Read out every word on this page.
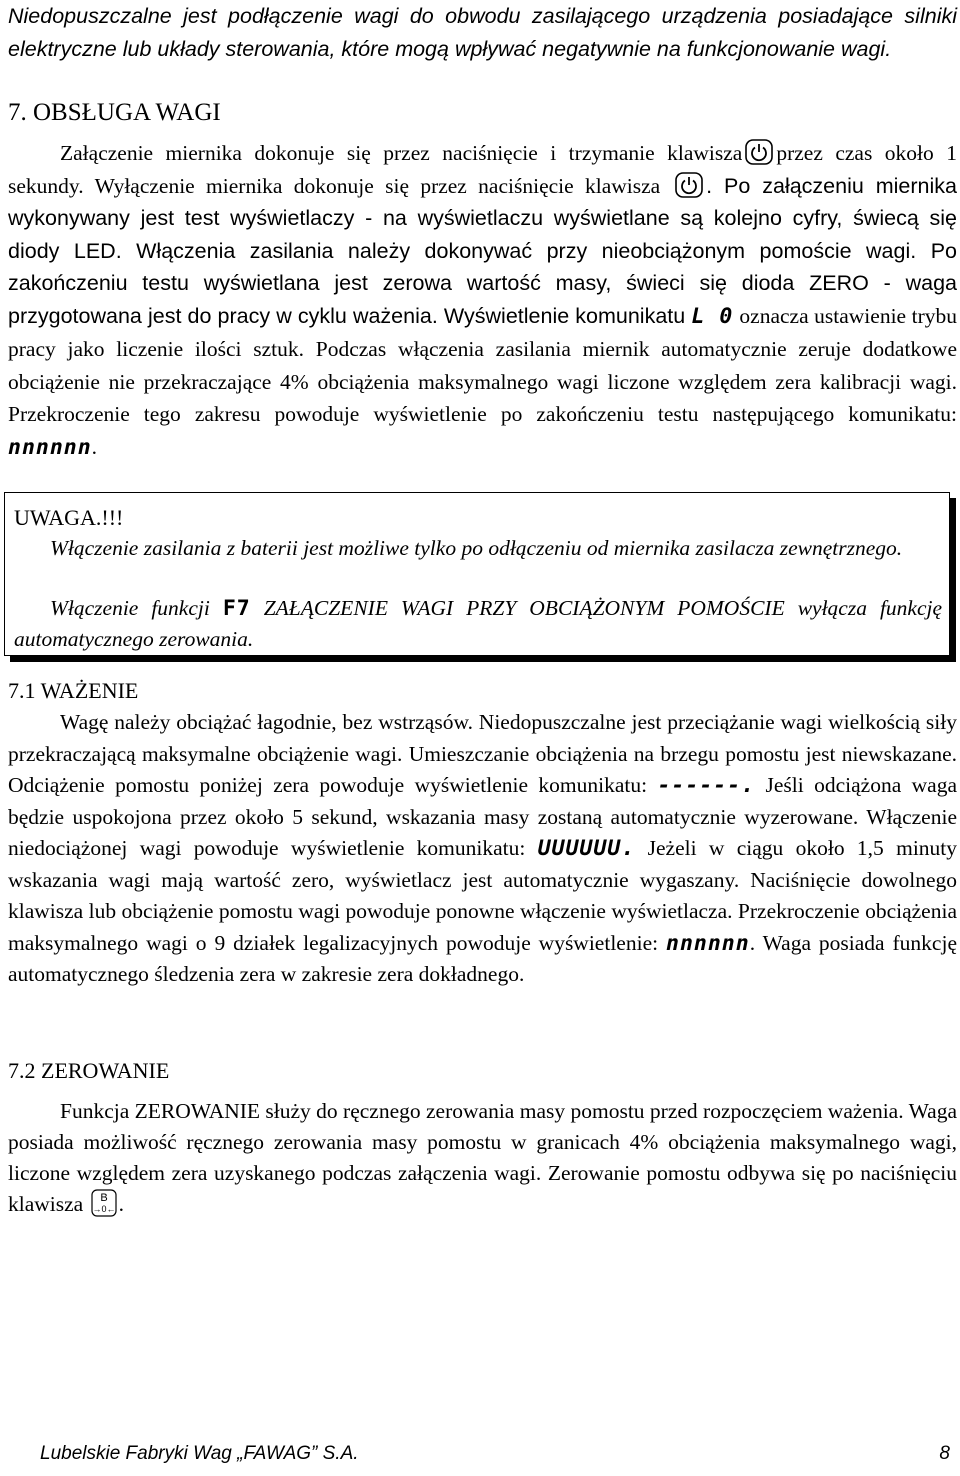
Niedopuszczalne jest podłączenie wagi do obwodu zasilającego urządzenia posiadające silniki elektryczne lub układy sterowania, które mogą wpływać negatywnie na funkcjonowanie wagi.

7. OBSŁUGA WAGI

Załączenie miernika dokonuje się przez naciśnięcie i trzymanie klawisza przez czas około 1 sekundy. Wyłączenie miernika dokonuje się przez naciśnięcie klawisza . Po załączeniu miernika wykonywany jest test wyświetlaczy - na wyświetlaczu wyświetlane są kolejno cyfry, świecą się diody LED. Włączenia zasilania należy dokonywać przy nieobciążonym pomoście wagi. Po zakończeniu testu wyświetlana jest zerowa wartość masy, świeci się dioda ZERO - waga przygotowana jest do pracy w cyklu ważenia. Wyświetlenie komunikatu L 0 oznacza ustawienie trybu pracy jako liczenie ilości sztuk. Podczas włączenia zasilania miernik automatycznie zeruje dodatkowe obciążenie nie przekraczające 4% obciążenia maksymalnego wagi liczone względem zera kalibracji wagi. Przekroczenie tego zakresu powoduje wyświetlenie po zakończeniu testu następującego komunikatu: nnnnnn.

UWAGA.!!!

Włączenie zasilania z baterii jest możliwe tylko po odłączeniu od miernika zasilacza zewnętrznego.

Włączenie funkcji F7 ZAŁĄCZENIE WAGI PRZY OBCIĄŻONYM POMOŚCIE wyłącza funkcję automatycznego zerowania.

7.1 WAŻENIE

Wagę należy obciążać łagodnie, bez wstrząsów. Niedopuszczalne jest przeciążanie wagi wielkością siły przekraczającą maksymalne obciążenie wagi. Umieszczanie obciążenia na brzegu pomostu jest niewskazane. Odciążenie pomostu poniżej zera powoduje wyświetlenie komunikatu: ------. Jeśli odciążona waga będzie uspokojona przez około 5 sekund, wskazania masy zostaną automatycznie wyzerowane. Włączenie niedociążonej wagi powoduje wyświetlenie komunikatu: UUUUUU. Jeżeli w ciągu około 1,5 minuty wskazania wagi mają wartość zero, wyświetlacz jest automatycznie wygaszany. Naciśnięcie dowolnego klawisza lub obciążenie pomostu wagi powoduje ponowne włączenie wyświetlacza. Przekroczenie obciążenia maksymalnego wagi o 9 działek legalizacyjnych powoduje wyświetlenie: nnnnnn. Waga posiada funkcję automatycznego śledzenia zera w zakresie zera dokładnego.

7.2 ZEROWANIE

Funkcja ZEROWANIE służy do ręcznego zerowania masy pomostu przed rozpoczęciem ważenia. Waga posiada możliwość ręcznego zerowania masy pomostu w granicach 4% obciążenia maksymalnego wagi, liczone względem zera uzyskanego podczas załączenia wagi. Zerowanie pomostu odbywa się po naciśnięciu klawisza B
→0← .

Lubelskie Fabryki Wag „FAWAG” S.A.	8
